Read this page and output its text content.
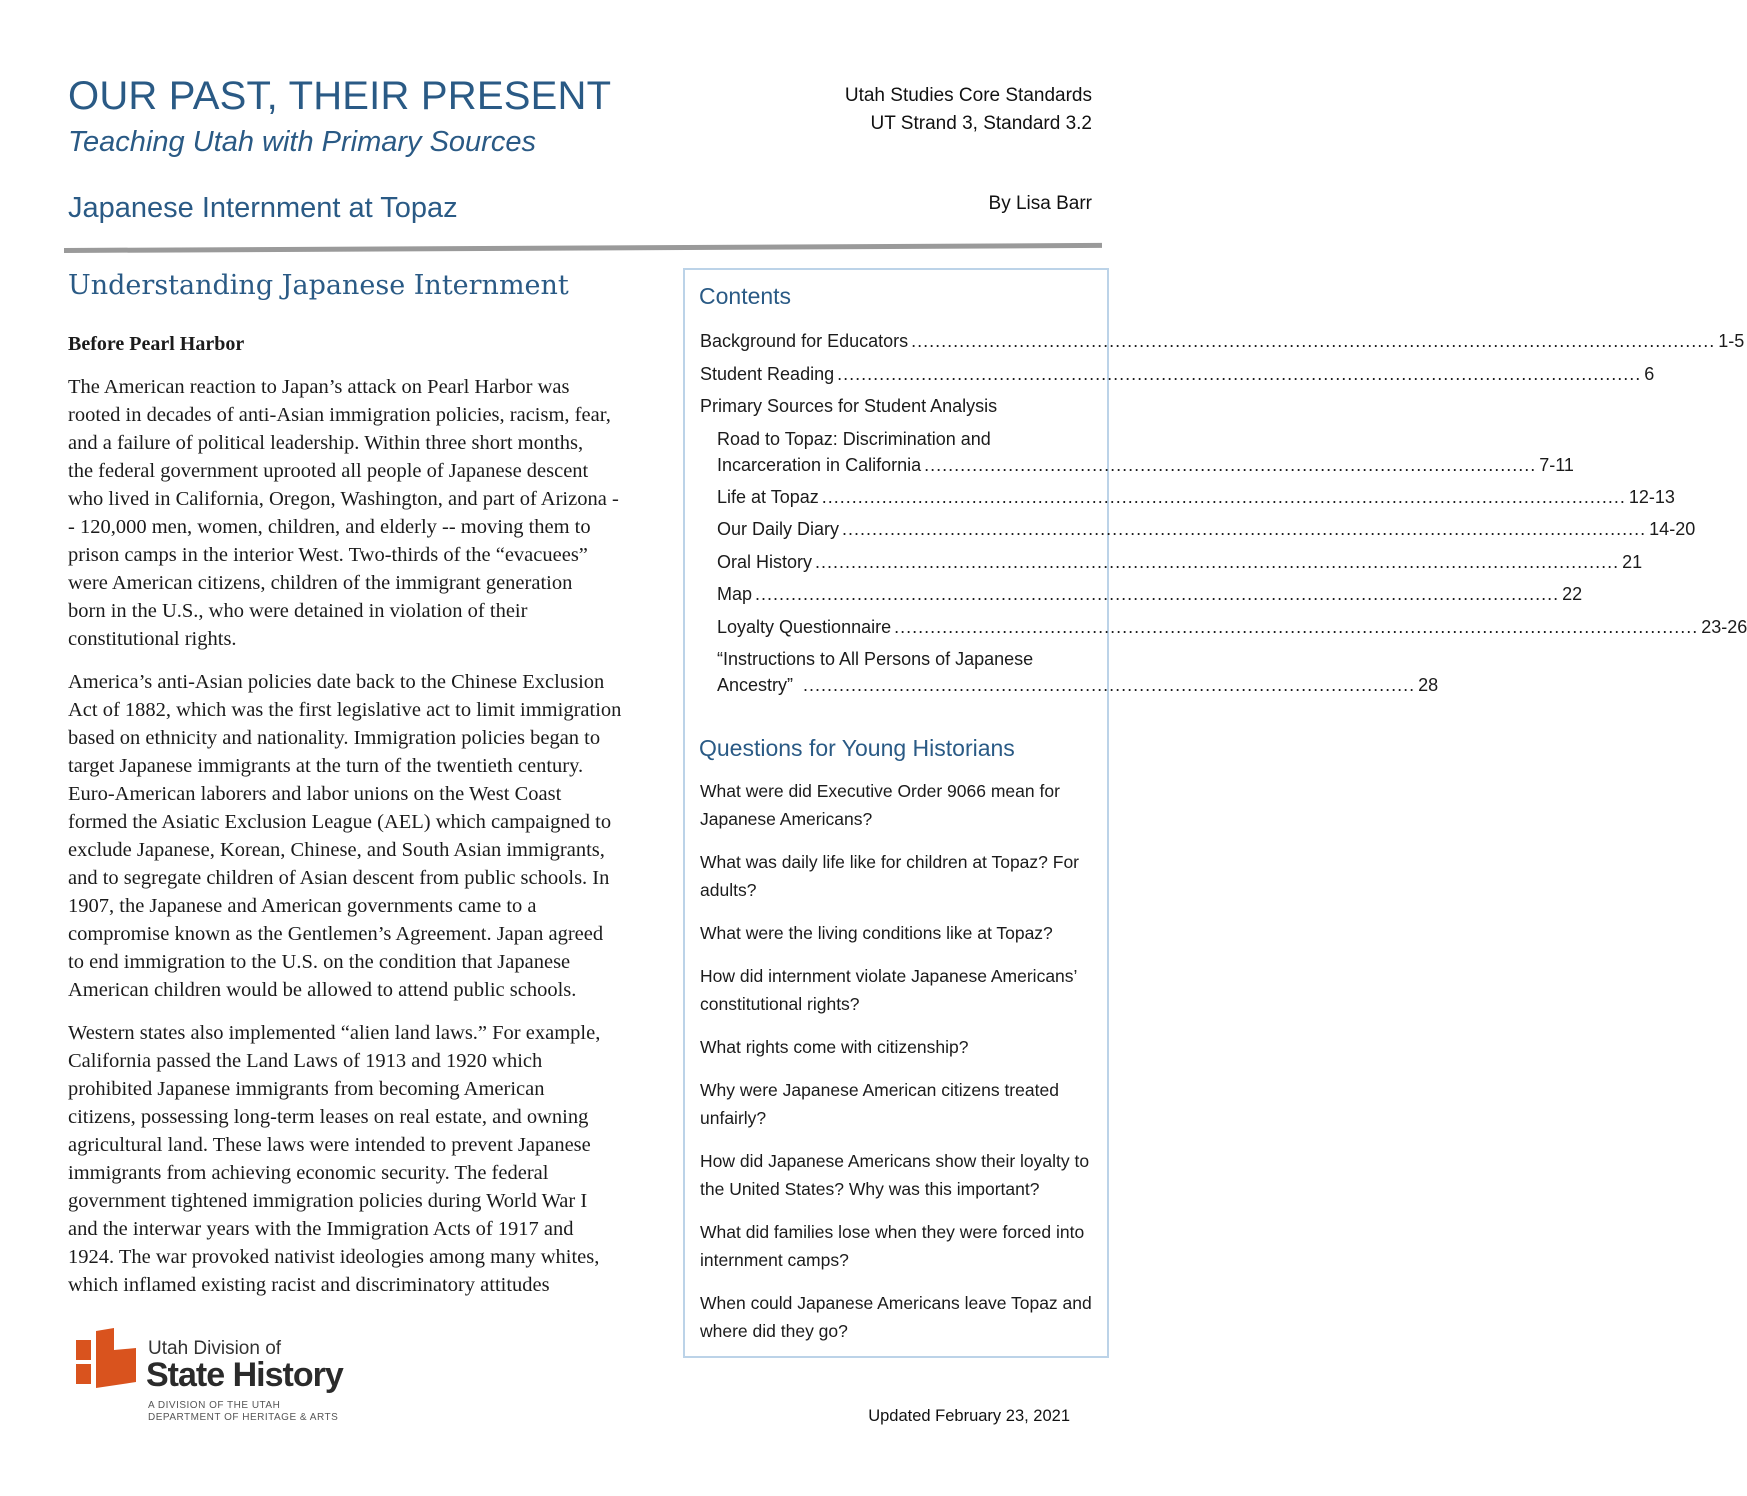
OUR PAST, THEIR PRESENT
Teaching Utah with Primary Sources
Japanese Internment at Topaz
Utah Studies Core Standards
UT Strand 3, Standard 3.2
By Lisa Barr
Understanding Japanese Internment
Before Pearl Harbor

The American reaction to Japan’s attack on Pearl Harbor was
rooted in decades of anti-Asian immigration policies, racism, fear,
and a failure of political leadership. Within three short months,
the federal government uprooted all people of Japanese descent
who lived in California, Oregon, Washington, and part of Arizona -
- 120,000 men, women, children, and elderly -- moving them to
prison camps in the interior West. Two-thirds of the “evacuees”
were American citizens, children of the immigrant generation
born in the U.S., who were detained in violation of their
constitutional rights.

America’s anti-Asian policies date back to the Chinese Exclusion
Act of 1882, which was the first legislative act to limit immigration
based on ethnicity and nationality. Immigration policies began to
target Japanese immigrants at the turn of the twentieth century.
Euro-American laborers and labor unions on the West Coast
formed the Asiatic Exclusion League (AEL) which campaigned to
exclude Japanese, Korean, Chinese, and South Asian immigrants,
and to segregate children of Asian descent from public schools. In
1907, the Japanese and American governments came to a
compromise known as the Gentlemen’s Agreement. Japan agreed
to end immigration to the U.S. on the condition that Japanese
American children would be allowed to attend public schools.

Western states also implemented “alien land laws.” For example,
California passed the Land Laws of 1913 and 1920 which
prohibited Japanese immigrants from becoming American
citizens, possessing long-term leases on real estate, and owning
agricultural land. These laws were intended to prevent Japanese
immigrants from achieving economic security. The federal
government tightened immigration policies during World War I
and the interwar years with the Immigration Acts of 1917 and
1924. The war provoked nativist ideologies among many whites,
which inflamed existing racist and discriminatory attitudes

Contents
Background for Educators .....	1-5
Student Reading .....	6
Primary Sources for Student Analysis
Road to Topaz: Discrimination and
Incarceration in California ...................................................................................................... 7-11
Life at Topaz .....	12-13
Our Daily Diary .....	14-20
Oral History .....	21
Map .....	22
Loyalty Questionnaire .....	23-26
“Instructions to All Persons of Japanese
Ancestry” ...................................................................................................... 28
Questions for Young Historians
What were did Executive Order 9066 mean for Japanese Americans?
What was daily life like for children at Topaz? For adults?
What were the living conditions like at Topaz?
How did internment violate Japanese Americans’ constitutional rights?
What rights come with citizenship?
Why were Japanese American citizens treated unfairly?
How did Japanese Americans show their loyalty to the United States? Why was this important?
What did families lose when they were forced into internment camps?
When could Japanese Americans leave Topaz and where did they go?
Utah Division of
State History
A DIVISION OF THE UTAH
DEPARTMENT OF HERITAGE & ARTS	Updated February 23, 2021
